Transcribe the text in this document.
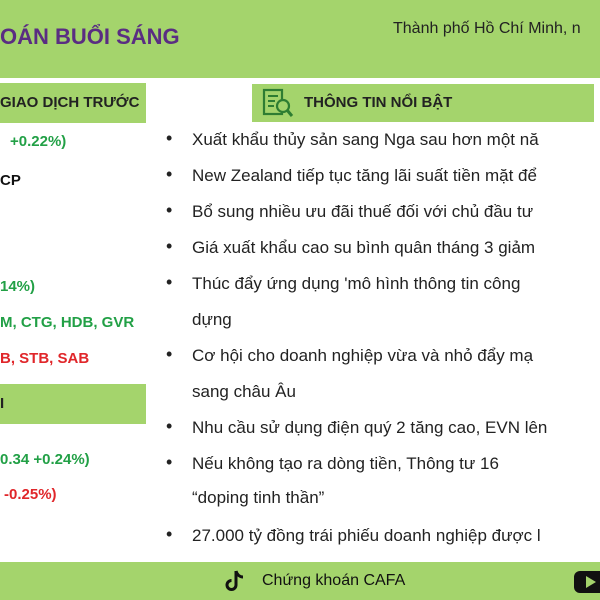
OÁN BUỔI SÁNG	Thành phố Hồ Chí Minh, n
GIAO DỊCH TRƯỚC
+0.22%)
CP
14%)
M, CTG, HDB, GVR
B, STB, SAB
I
0.34 +0.24%)
-0.25%)
THÔNG TIN NỔI BẬT
• Xuất khẩu thủy sản sang Nga sau hơn một nă
• New Zealand tiếp tục tăng lãi suất tiền mặt để
• Bổ sung nhiều ưu đãi thuế đối với chủ đầu tư
• Giá xuất khẩu cao su bình quân tháng 3 giảm
• Thúc đẩy ứng dụng 'mô hình thông tin công
dựng
• Cơ hội cho doanh nghiệp vừa và nhỏ đẩy mạ
sang châu Âu
• Nhu cầu sử dụng điện quý 2 tăng cao, EVN lên
• Nếu không tạo ra dòng tiền, Thông tư 16
“doping tinh thần”
• 27.000 tỷ đồng trái phiếu doanh nghiệp được l
Chứng khoán CAFA
